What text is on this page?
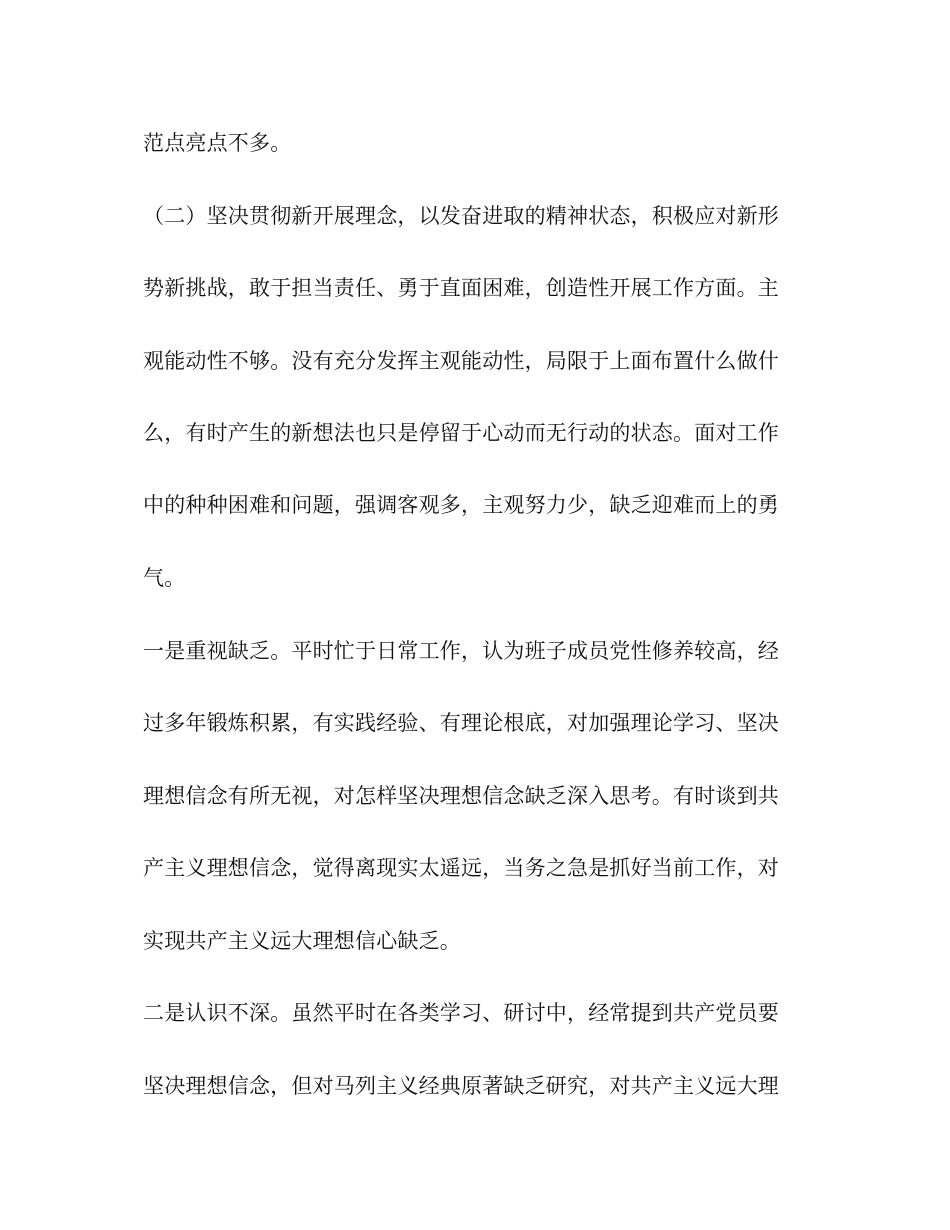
范点亮点不多。
（二）坚决贯彻新开展理念，以发奋进取的精神状态，积极应对新形
势新挑战，敢于担当责任、勇于直面困难，创造性开展工作方面。主
观能动性不够。没有充分发挥主观能动性，局限于上面布置什么做什
么，有时产生的新想法也只是停留于心动而无行动的状态。面对工作
中的种种困难和问题，强调客观多，主观努力少，缺乏迎难而上的勇
气。
一是重视缺乏。平时忙于日常工作，认为班子成员党性修养较高，经
过多年锻炼积累，有实践经验、有理论根底，对加强理论学习、坚决
理想信念有所无视，对怎样坚决理想信念缺乏深入思考。有时谈到共
产主义理想信念，觉得离现实太遥远，当务之急是抓好当前工作，对
实现共产主义远大理想信心缺乏。
二是认识不深。虽然平时在各类学习、研讨中，经常提到共产党员要
坚决理想信念，但对马列主义经典原著缺乏研究，对共产主义远大理
